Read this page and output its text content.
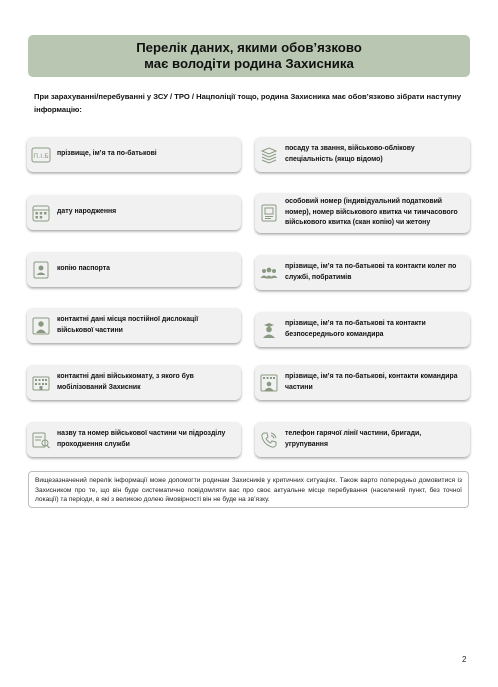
Перелік даних, якими обов’язково
має володіти родина Захисника
При зарахуванні/перебуванні у ЗСУ / ТРО / Нацполіції тощо, родина Захисника має обов’язково зібрати наступну інформацію:
П.І.Б прізвище, ім’я та по-батькові
дату народження
копію паспорта
контактні дані місця постійної дислокації військової частини
контактні дані військкомату, з якого був мобілізований Захисник
назву та номер військової частини чи підрозділу проходження служби
посаду та звання, військово-облікову спеціальність (якщо відомо)
особовий номер (індивідуальний податковий номер), номер військового квитка чи тимчасового військового квитка (скан копію) чи жетону
прізвище, ім’я та по-батькові та контакти колег по службі, побратимів
прізвище, ім’я та по-батькові та контакти безпосереднього командира
прізвище, ім’я та по-батькові, контакти командира частини
телефон гарячої лінії частини, бригади, угрупування
Вищезазначений перелік інформації може допомогти родинам Захисників у критичних ситуаціях. Також варто попередньо домовитися із Захисником про те, що він буде систематично повідомляти вас про своє актуальне місце перебування (населений пункт, без точної локації) та періоди, в які з великою долею ймовірності він не буде на зв’язку.
2
